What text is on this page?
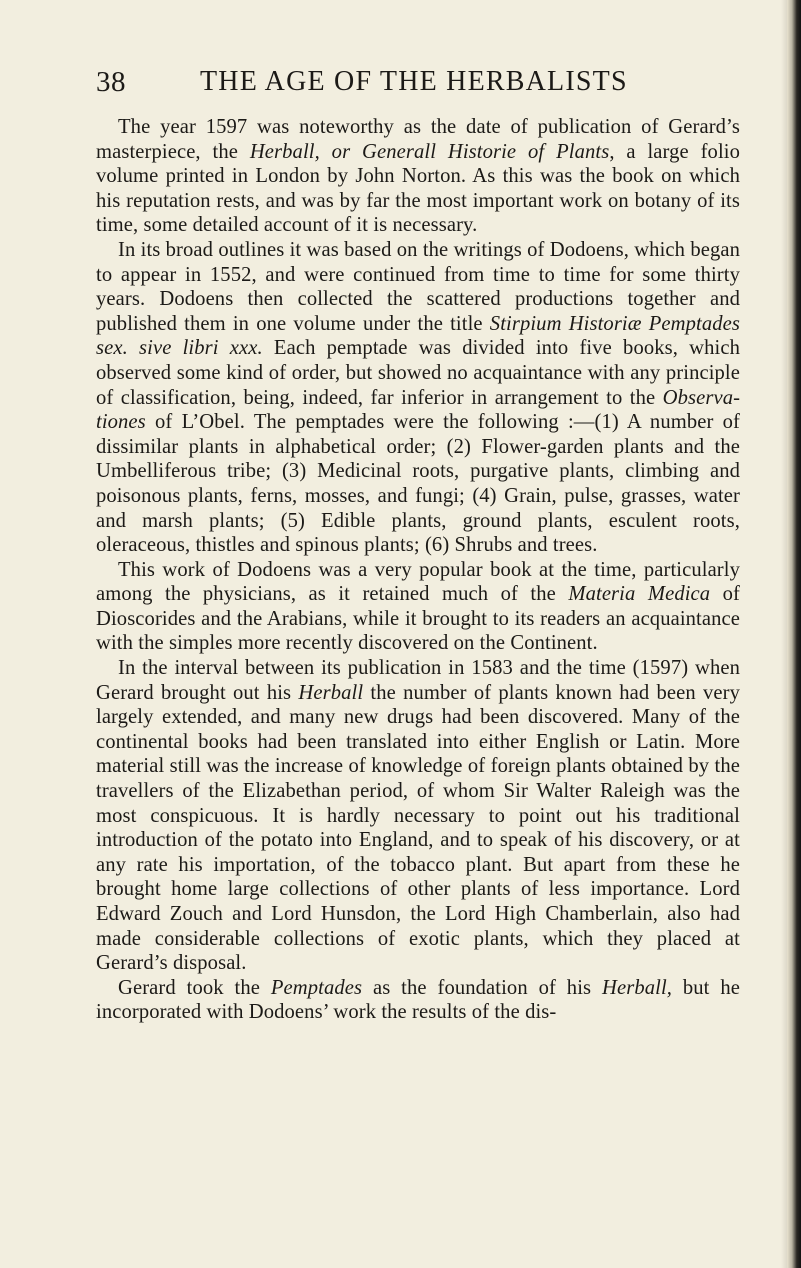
38	THE AGE OF THE HERBALISTS

The year 1597 was noteworthy as the date of publication of Gerard’s masterpiece, the Herball, or Generall Historie of Plants, a large folio volume printed in London by John Norton. As this was the book on which his reputation rests, and was by far the most important work on botany of its time, some detailed account of it is necessary.

In its broad outlines it was based on the writings of Dodoens, which began to appear in 1552, and were continued from time to time for some thirty years. Dodoens then collected the scattered productions together and published them in one volume under the title Stirpium Historiæ Pemptades sex. sive libri xxx. Each pemptade was divided into five books, which observed some kind of order, but showed no acquaintance with any principle of classification, being, indeed, far inferior in arrangement to the Observationes of L’Obel. The pemptades were the following :—(1) A number of dissimilar plants in alphabetical order; (2) Flower-garden plants and the Umbelliferous tribe; (3) Medicinal roots, purgative plants, climbing and poisonous plants, ferns, mosses, and fungi; (4) Grain, pulse, grasses, water and marsh plants; (5) Edible plants, ground plants, esculent roots, oleraceous, thistles and spinous plants; (6) Shrubs and trees.

This work of Dodoens was a very popular book at the time, particularly among the physicians, as it retained much of the Materia Medica of Dioscorides and the Arabians, while it brought to its readers an acquaintance with the simples more recently discovered on the Continent.

In the interval between its publication in 1583 and the time (1597) when Gerard brought out his Herball the number of plants known had been very largely extended, and many new drugs had been discovered. Many of the continental books had been translated into either English or Latin. More material still was the increase of knowledge of foreign plants obtained by the travellers of the Elizabethan period, of whom Sir Walter Raleigh was the most conspicuous. It is hardly necessary to point out his traditional introduction of the potato into England, and to speak of his discovery, or at any rate his importation, of the tobacco plant. But apart from these he brought home large collections of other plants of less importance. Lord Edward Zouch and Lord Hunsdon, the Lord High Chamberlain, also had made considerable collections of exotic plants, which they placed at Gerard’s disposal.

Gerard took the Pemptades as the foundation of his Herball, but he incorporated with Dodoens’ work the results of the dis-
